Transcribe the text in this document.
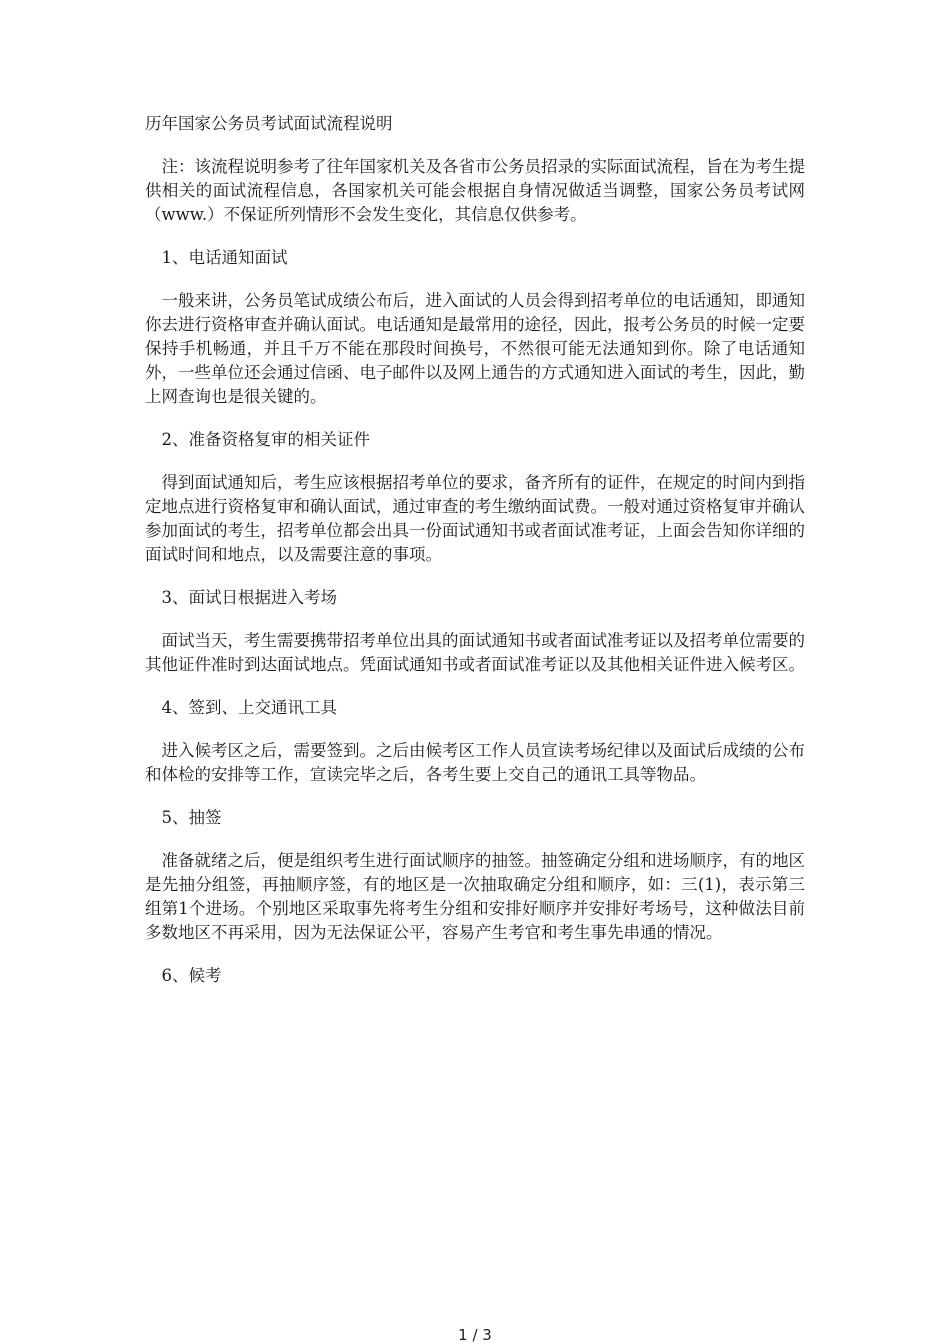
历年国家公务员考试面试流程说明

注：该流程说明参考了往年国家机关及各省市公务员招录的实际面试流程，旨在为考生提供相关的面试流程信息，各国家机关可能会根据自身情况做适当调整，国家公务员考试网（www.）不保证所列情形不会发生变化，其信息仅供参考。

1、电话通知面试

一般来讲，公务员笔试成绩公布后，进入面试的人员会得到招考单位的电话通知，即通知你去进行资格审查并确认面试。电话通知是最常用的途径，因此，报考公务员的时候一定要保持手机畅通，并且千万不能在那段时间换号，不然很可能无法通知到你。除了电话通知外，一些单位还会通过信函、电子邮件以及网上通告的方式通知进入面试的考生，因此，勤上网查询也是很关键的。

2、准备资格复审的相关证件

得到面试通知后，考生应该根据招考单位的要求，备齐所有的证件，在规定的时间内到指定地点进行资格复审和确认面试，通过审查的考生缴纳面试费。一般对通过资格复审并确认参加面试的考生，招考单位都会出具一份面试通知书或者面试准考证，上面会告知你详细的面试时间和地点，以及需要注意的事项。

3、面试日根据进入考场

面试当天，考生需要携带招考单位出具的面试通知书或者面试准考证以及招考单位需要的其他证件准时到达面试地点。凭面试通知书或者面试准考证以及其他相关证件进入候考区。

4、签到、上交通讯工具

进入候考区之后，需要签到。之后由候考区工作人员宣读考场纪律以及面试后成绩的公布和体检的安排等工作，宣读完毕之后，各考生要上交自己的通讯工具等物品。

5、抽签

准备就绪之后，便是组织考生进行面试顺序的抽签。抽签确定分组和进场顺序，有的地区是先抽分组签，再抽顺序签，有的地区是一次抽取确定分组和顺序，如：三(1)，表示第三组第1个进场。个别地区采取事先将考生分组和安排好顺序并安排好考场号，这种做法目前多数地区不再采用，因为无法保证公平，容易产生考官和考生事先串通的情况。

6、候考
1 / 3
